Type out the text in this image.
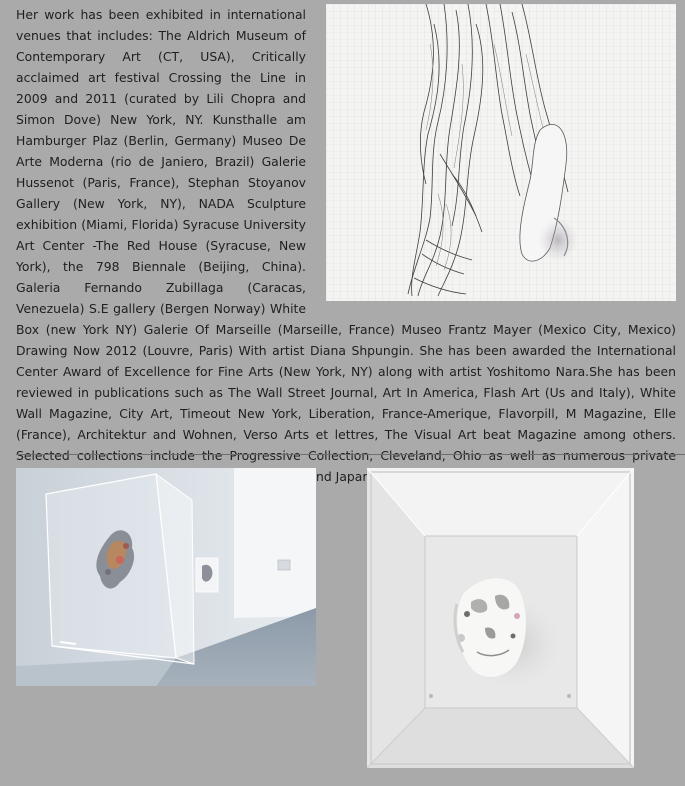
Her work has been exhibited in international venues that includes: The Aldrich Museum of Contemporary Art (CT, USA), Critically acclaimed art festival Crossing the Line in 2009 and 2011 (curated by Lili Chopra and Simon Dove) New York, NY. Kunsthalle am Hamburger Plaz (Berlin, Germany) Museo De Arte Moderna (rio de Janiero, Brazil) Galerie Hussenot (Paris, France), Stephan Stoyanov Gallery (New York, NY), NADA Sculpture exhibition (Miami, Florida) Syracuse University Art Center -The Red House (Syracuse, New York), the 798 Biennale (Beijing, China). Galeria Fernando Zubillaga (Caracas, Venezuela) S.E gallery (Bergen Norway) White Box (new York NY) Galerie Of Marseille (Marseille, France) Museo Frantz Mayer (Mexico City, Mexico) Drawing Now 2012 (Louvre, Paris) With artist Diana Shpungin. She has been awarded the International Center Award of Excellence for Fine Arts (New York, NY) along with artist Yoshitomo Nara.She has been reviewed in publications such as The Wall Street Journal, Art In America, Flash Art (Us and Italy), White Wall Magazine, City Art, Timeout New York, Liberation, France-Amerique, Flavorpill, M Magazine, Elle (France), Architektur and Wohnen, Verso Arts et lettres, The Visual Art beat Magazine among others. Selected collections include the Progressive Collection, Cleveland, Ohio as well as numerous private and Japan.
